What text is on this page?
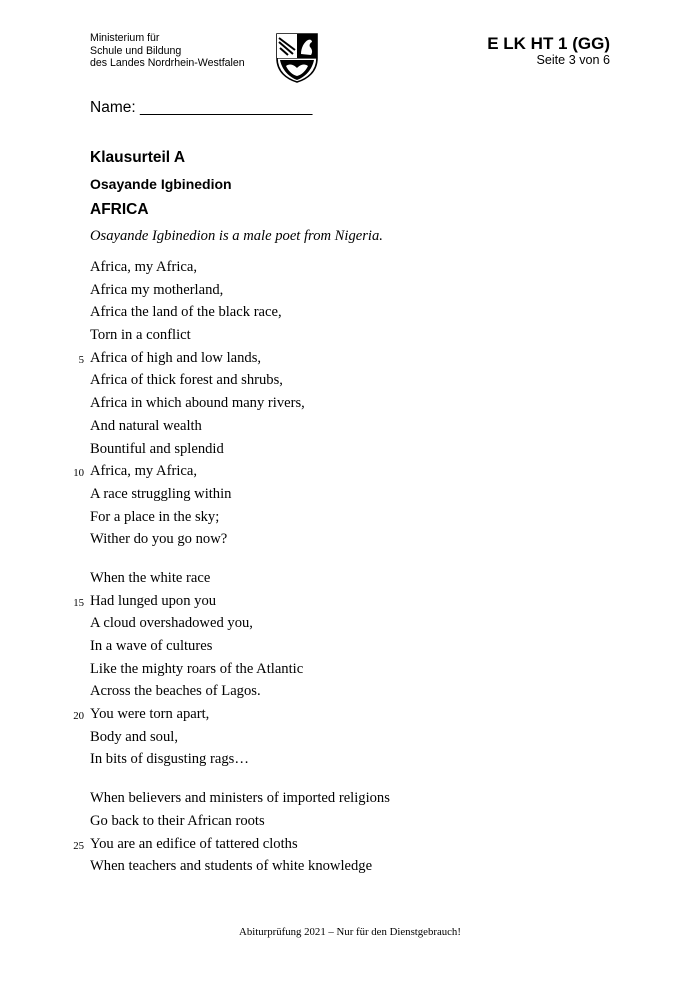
Ministerium für
Schule und Bildung
des Landes Nordrhein-Westfalen
E LK HT 1 (GG)
Seite 3 von 6
Name: ____________________
Klausurteil A
Osayande Igbinedion
AFRICA
Osayande Igbinedion is a male poet from Nigeria.
Africa, my Africa,
Africa my motherland,
Africa the land of the black race,
Torn in a conflict
5 Africa of high and low lands,
Africa of thick forest and shrubs,
Africa in which abound many rivers,
And natural wealth
Bountiful and splendid
10 Africa, my Africa,
A race struggling within
For a place in the sky;
Wither do you go now?
When the white race
15 Had lunged upon you
A cloud overshadowed you,
In a wave of cultures
Like the mighty roars of the Atlantic
Across the beaches of Lagos.
20 You were torn apart,
Body and soul,
In bits of disgusting rags…
When believers and ministers of imported religions
Go back to their African roots
25 You are an edifice of tattered cloths
When teachers and students of white knowledge
Abiturprüfung 2021 – Nur für den Dienstgebrauch!
